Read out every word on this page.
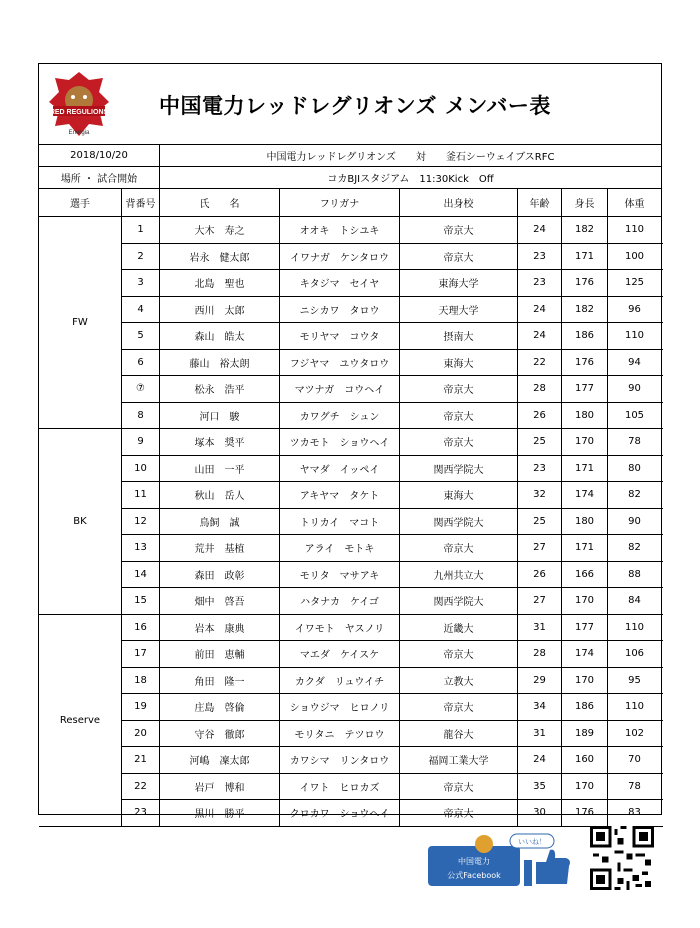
RED REGULIONS
Energia
中国電力レッドレグリオンズ メンバー表
2018/10/20	中国電力レッドレグリオンズ　　対　　釜石シーウェイブスRFC
場所 ・ 試合開始	コカBJIスタジアム　11:30Kick　Off
選手	背番号	氏　　名	フリガナ	出身校	年齢	身長	体重
FW
1	大木　寿之	オオキ　トシユキ	帝京大	24	182	110
2	岩永　健太郎	イワナガ　ケンタロウ	帝京大	23	171	100
3	北島　聖也	キタジマ　セイヤ	東海大学	23	176	125
4	西川　太郎	ニシカワ　タロウ	天理大学	24	182	96
5	森山　皓太	モリヤマ　コウタ	摂南大	24	186	110
6	藤山　裕太朗	フジヤマ　ユウタロウ	東海大	22	176	94
⑦	松永　浩平	マツナガ　コウヘイ	帝京大	28	177	90
8	河口　駿	カワグチ　シュン	帝京大	26	180	105
BK
9	塚本　奨平	ツカモト　ショウヘイ	帝京大	25	170	78
10	山田　一平	ヤマダ　イッペイ	関西学院大	23	171	80
11	秋山　岳人	アキヤマ　タケト	東海大	32	174	82
12	鳥飼　誠	トリカイ　マコト	関西学院大	25	180	90
13	荒井　基植	アライ　モトキ	帝京大	27	171	82
14	森田　政彰	モリタ　マサアキ	九州共立大	26	166	88
15	畑中　啓吾	ハタナカ　ケイゴ	関西学院大	27	170	84
Reserve
16	岩本　康典	イワモト　ヤスノリ	近畿大	31	177	110
17	前田　恵輔	マエダ　ケイスケ	帝京大	28	174	106
18	角田　隆一	カクダ　リュウイチ	立教大	29	170	95
19	庄島　啓倫	ショウジマ　ヒロノリ	帝京大	34	186	110
20	守谷　徹郎	モリタニ　テツロウ	龍谷大	31	189	102
21	河嶋　凜太郎	カワシマ　リンタロウ	福岡工業大学	24	160	70
22	岩戸　博和	イワト　ヒロカズ	帝京大	35	170	78
23	黒川　勝平	クロカワ　ショウヘイ	帝京大	30	176	83
中国電力
公式Facebook
いいね！
